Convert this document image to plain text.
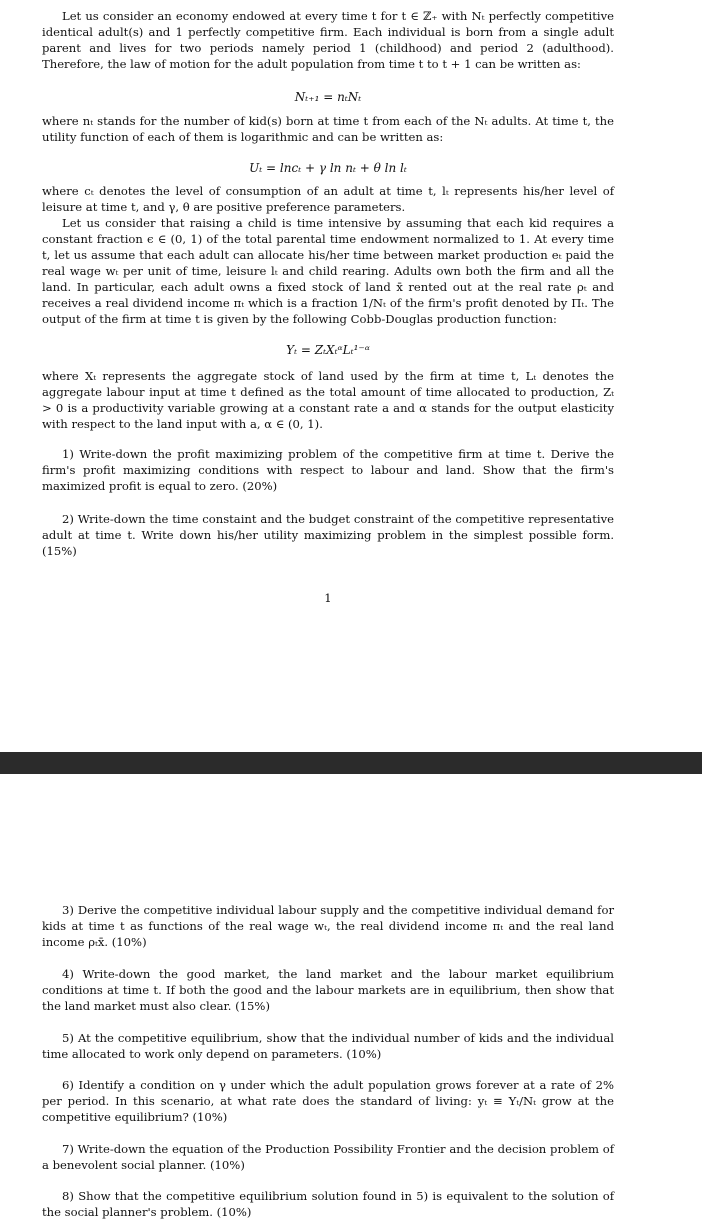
Let us consider an economy endowed at every time t for t ∈ ℤ₊ with Nₜ perfectly competitive identical adult(s) and 1 perfectly competitive firm. Each individual is born from a single adult parent and lives for two periods namely period 1 (childhood) and period 2 (adulthood). Therefore, the law of motion for the adult population from time t to t + 1 can be written as:

Nₜ₊₁ = nₜNₜ

where nₜ stands for the number of kid(s) born at time t from each of the Nₜ adults. At time t, the utility function of each of them is logarithmic and can be written as:

Uₜ = lncₜ + γ ln nₜ + θ ln lₜ

where cₜ denotes the level of consumption of an adult at time t, lₜ represents his/her level of leisure at time t, and γ, θ are positive preference parameters.

Let us consider that raising a child is time intensive by assuming that each kid requires a constant fraction ϵ ∈ (0, 1) of the total parental time endowment normalized to 1. At every time t, let us assume that each adult can allocate his/her time between market production eₜ paid the real wage wₜ per unit of time, leisure lₜ and child rearing. Adults own both the firm and all the land. In particular, each adult owns a fixed stock of land x̄ rented out at the real rate ρₜ and receives a real dividend income πₜ which is a fraction 1/Nₜ of the firm's profit denoted by Πₜ. The output of the firm at time t is given by the following Cobb-Douglas production function:

Yₜ = ZₜXₜᵅLₜ¹⁻ᵅ

where Xₜ represents the aggregate stock of land used by the firm at time t, Lₜ denotes the aggregate labour input at time t defined as the total amount of time allocated to production, Zₜ > 0 is a productivity variable growing at a constant rate a and α stands for the output elasticity with respect to the land input with a, α ∈ (0, 1).

1) Write-down the profit maximizing problem of the competitive firm at time t. Derive the firm's profit maximizing conditions with respect to labour and land. Show that the firm's maximized profit is equal to zero. (20%)

2) Write-down the time constaint and the budget constraint of the competitive representative adult at time t. Write down his/her utility maximizing problem in the simplest possible form. (15%)

1

3) Derive the competitive individual labour supply and the competitive individual demand for kids at time t as functions of the real wage wₜ, the real dividend income πₜ and the real land income ρₜx̄. (10%)

4) Write-down the good market, the land market and the labour market equilibrium conditions at time t. If both the good and the labour markets are in equilibrium, then show that the land market must also clear. (15%)

5) At the competitive equilibrium, show that the individual number of kids and the individual time allocated to work only depend on parameters. (10%)

6) Identify a condition on γ under which the adult population grows forever at a rate of 2% per period. In this scenario, at what rate does the standard of living: yₜ ≡ Yₜ/Nₜ grow at the competitive equilibrium? (10%)

7) Write-down the equation of the Production Possibility Frontier and the decision problem of a benevolent social planner. (10%)

8) Show that the competitive equilibrium solution found in 5) is equivalent to the solution of the social planner's problem. (10%)
